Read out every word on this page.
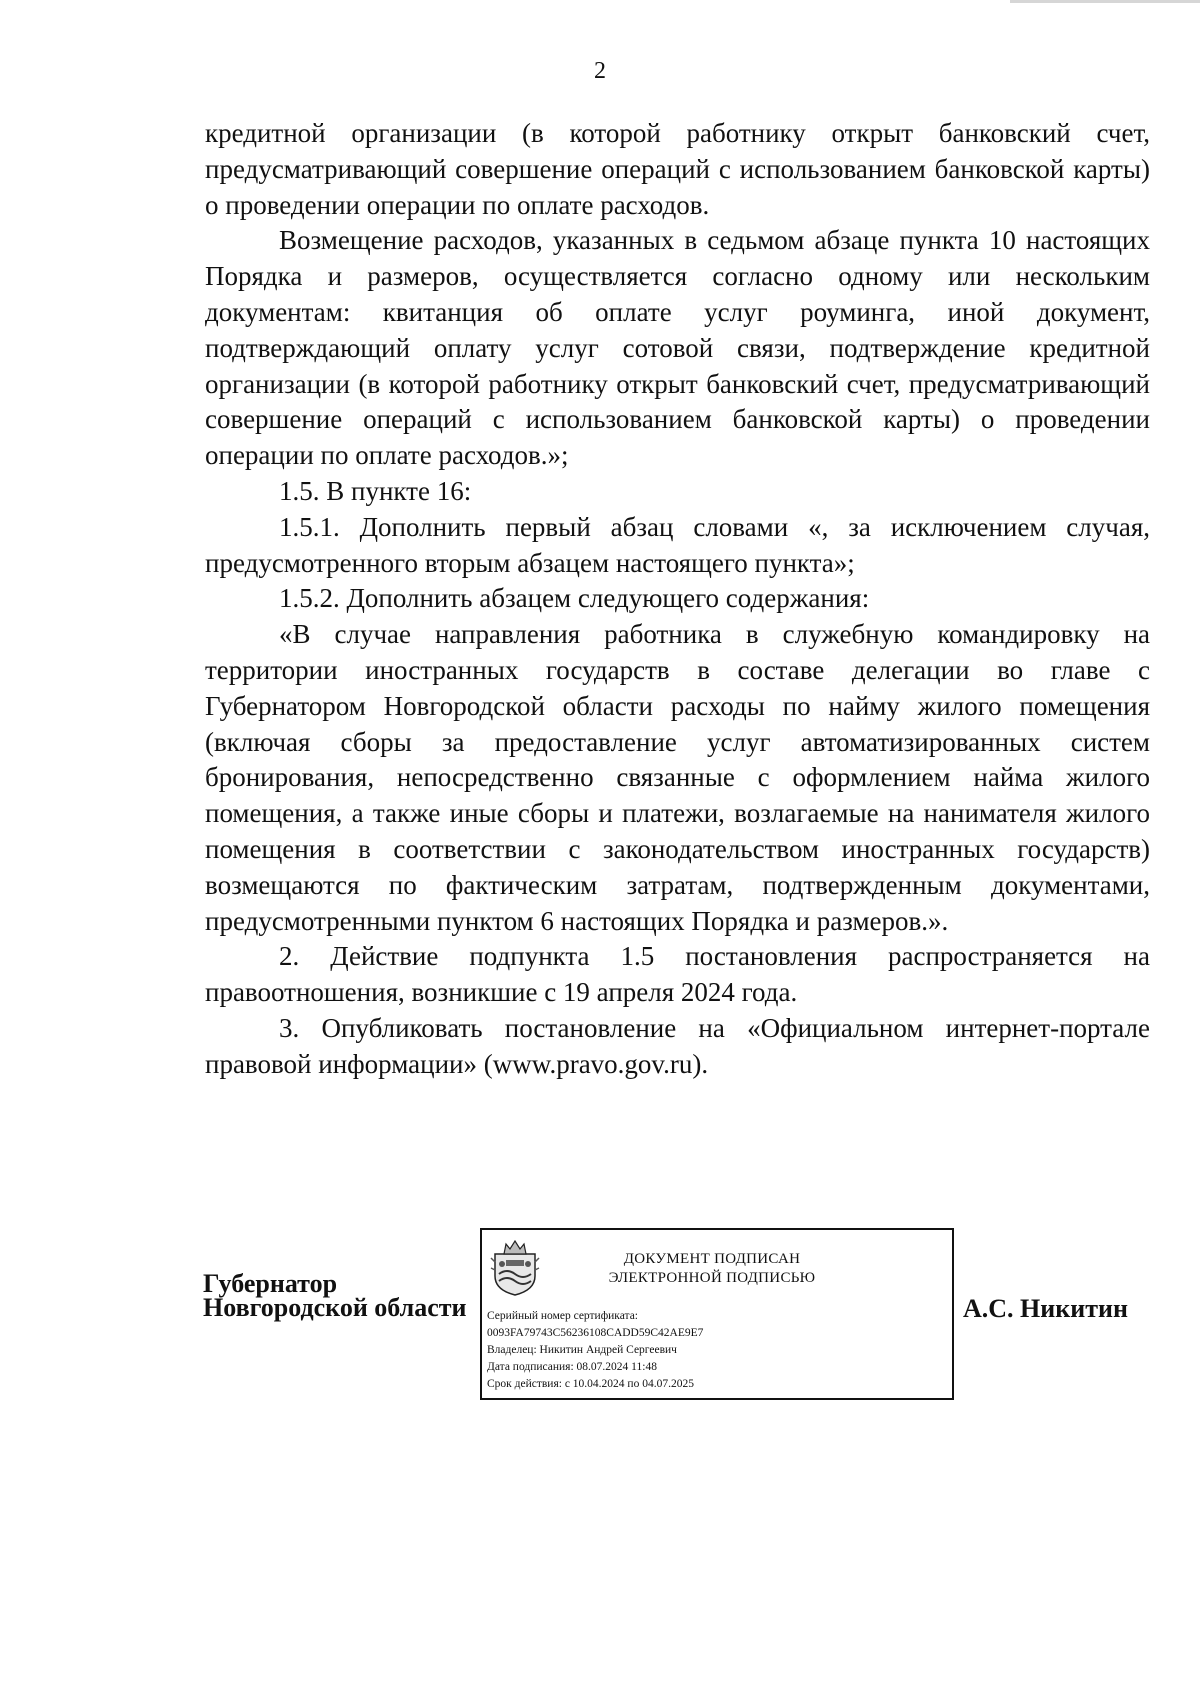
2

кредитной организации (в которой работнику открыт банковский счет, предусматривающий совершение операций с использованием банковской карты) о проведении операции по оплате расходов.

Возмещение расходов, указанных в седьмом абзаце пункта 10 настоящих Порядка и размеров, осуществляется согласно одному или нескольким документам: квитанция об оплате услуг роуминга, иной документ, подтверждающий оплату услуг сотовой связи, подтверждение кредитной организации (в которой работнику открыт банковский счет, предусматривающий совершение операций с использованием банковской карты) о проведении операции по оплате расходов.»;

1.5. В пункте 16:

1.5.1. Дополнить первый абзац словами «, за исключением случая, предусмотренного вторым абзацем настоящего пункта»;

1.5.2. Дополнить абзацем следующего содержания:

«В случае направления работника в служебную командировку на территории иностранных государств в составе делегации во главе с Губернатором Новгородской области расходы по найму жилого помещения (включая сборы за предоставление услуг автоматизированных систем бронирования, непосредственно связанные с оформлением найма жилого помещения, а также иные сборы и платежи, возлагаемые на нанимателя жилого помещения в соответствии с законодательством иностранных государств) возмещаются по фактическим затратам, подтвержденным документами, предусмотренными пунктом 6 настоящих Порядка и размеров.».

2. Действие подпункта 1.5 постановления распространяется на правоотношения, возникшие с 19 апреля 2024 года.

3. Опубликовать постановление на «Официальном интернет-портале правовой информации» (www.pravo.gov.ru).

Губернатор
Новгородской области
ДОКУМЕНТ ПОДПИСАН
ЭЛЕКТРОННОЙ ПОДПИСЬЮ
Серийный номер сертификата:
0093FA79743C56236108CADD59C42AE9E7
Владелец: Никитин Андрей Сергеевич
Дата подписания: 08.07.2024 11:48
Срок действия: с 10.04.2024 по 04.07.2025
А.С. Никитин
